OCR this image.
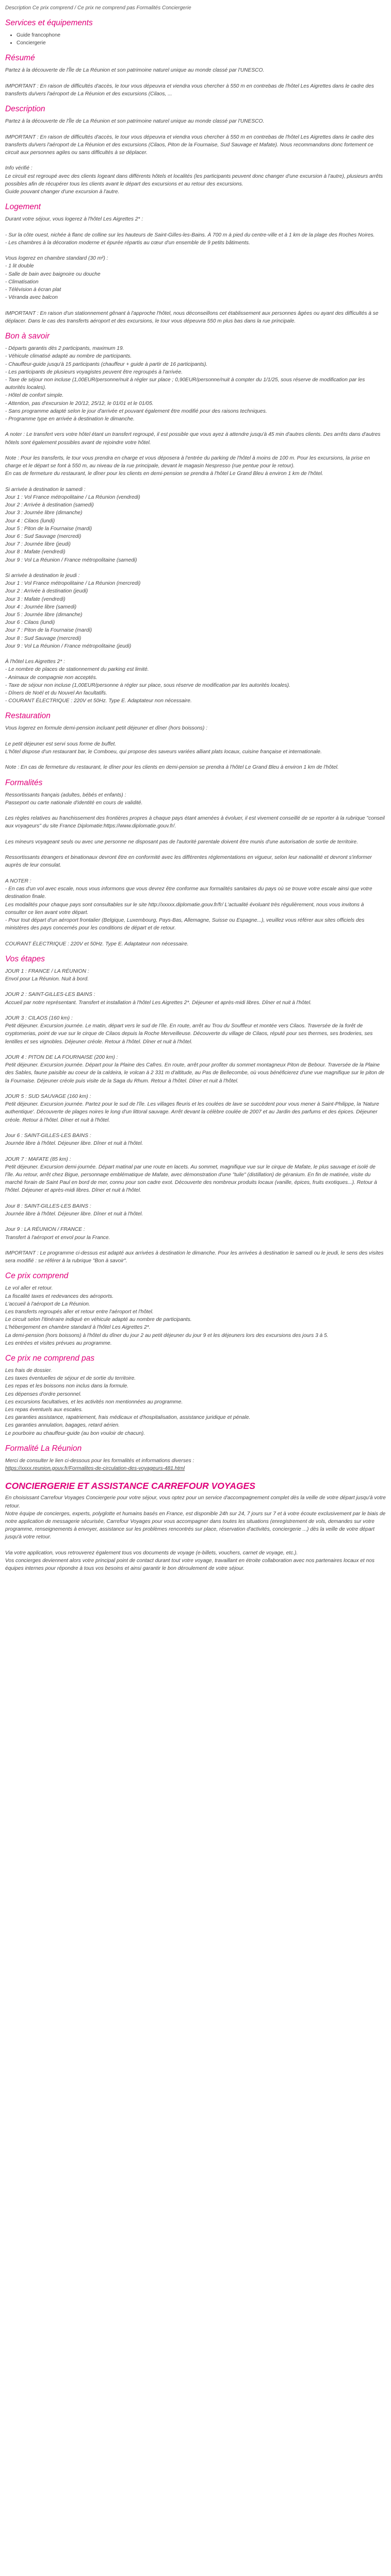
Description Ce prix comprend / Ce prix ne comprend pas Formalités Conciergerie

Services et équipements
• Guide francophone
• Conciergerie
Résumé

Partez à la découverte de l'Île de La Réunion et son patrimoine naturel unique au monde classé par l'UNESCO.

IMPORTANT : En raison de difficultés d'accès, le tour vous dépeuvra et viendra vous chercher à 550 m en contrebas de l'hôtel Les Aigrettes dans le cadre des transferts du/vers l'aéroport de La Réunion et des excursions (Cilaos, ...

Description

Partez à la découverte de l'Île de La Réunion et son patrimoine naturel unique au monde classé par l'UNESCO.

IMPORTANT : En raison de difficultés d'accès, le tour vous dépeuvra et viendra vous chercher à 550 m en contrebas de l'hôtel Les Aigrettes dans le cadre des transferts du/vers l'aéroport de La Réunion et des excursions (Cilaos, Piton de la Fournaise, Sud Sauvage et Mafate). Nous recommandons donc fortement ce circuit aux personnes agiles ou sans difficultés à se déplacer.

Info vérifié :
Le circuit est regroupé avec des clients logeant dans différents hôtels et localités (les participants peuvent donc changer d'une excursion à l'autre), plusieurs arrêts possibles afin de récupérer tous les clients avant le départ des excursions et au retour des excursions.
Guide pouvant changer d'une excursion à l'autre.

Logement

Durant votre séjour, vous logerez à l'hôtel Les Aigrettes 2* :

- Sur la côte ouest, nichée à flanc de colline sur les hauteurs de Saint-Gilles-les-Bains. À 700 m à pied du centre-ville et à 1 km de la plage des Roches Noires.
- Les chambres à la décoration moderne et épurée répartis au cœur d'un ensemble de 9 petits bâtiments.

Vous logerez en chambre standard (30 m²) :
- 1 lit double
- Salle de bain avec baignoire ou douche
- Climatisation
- Télévision à écran plat
- Véranda avec balcon

IMPORTANT : En raison d'un stationnement gênant à l'approche l'hôtel, nous déconseillons cet établissement aux personnes âgées ou ayant des difficultés à se déplacer. Dans le cas des transferts aéroport et des excursions, le tour vous dépeuvra 550 m plus bas dans la rue principale.

Bon à savoir

- Départs garantis dès 2 participants, maximum 19.
- Véhicule climatisé adapté au nombre de participants.
- Chauffeur-guide jusqu'à 15 participants (chauffeur + guide à partir de 16 participants).
- Les participants de plusieurs voyagistes peuvent être regroupés à l'arrivée.
- Taxe de séjour non incluse (1,00EUR/personne/nuit à régler sur place ; 0,90EUR/personne/nuit à compter du 1/1/25, sous réserve de modification par les autorités locales).
- Hôtel de confort simple.
- Attention, pas d'excursion le 20/12, 25/12, le 01/01 et le 01/05.
- Sans programme adapté selon le jour d'arrivée et pouvant également être modifié pour des raisons techniques.
- Programme type en arrivée à destination le dimanche.

A noter : Le transfert vers votre hôtel étant un transfert regroupé, il est possible que vous ayez à attendre jusqu'à 45 min d'autres clients. Des arrêts dans d'autres hôtels sont également possibles avant de rejoindre votre hôtel.

Note : Pour les transferts, le tour vous prendra en charge et vous déposera à l'entrée du parking de l'hôtel à moins de 100 m. Pour les excursions, la prise en charge et le départ se font à 550 m, au niveau de la rue principale, devant le magasin Nespresso (rue pentue pour le retour).
En cas de fermeture du restaurant, le dîner pour les clients en demi-pension se prendra à l'hôtel Le Grand Bleu à environ 1 km de l'hôtel.

Si arrivée à destination le samedi :
Jour 1 : Vol France métropolitaine / La Réunion (vendredi)
Jour 2 : Arrivée à destination (samedi)
Jour 3 : Journée libre (dimanche)
Jour 4 : Cilaos (lundi)
Jour 5 : Piton de la Fournaise (mardi)
Jour 6 : Sud Sauvage (mercredi)
Jour 7 : Journée libre (jeudi)
Jour 8 : Mafate (vendredi)
Jour 9 : Vol La Réunion / France métropolitaine (samedi)

Si arrivée à destination le jeudi :
Jour 1 : Vol France métropolitaine / La Réunion (mercredi)
Jour 2 : Arrivée à destination (jeudi)
Jour 3 : Mafate (vendredi)
Jour 4 : Journée libre (samedi)
Jour 5 : Journée libre (dimanche)
Jour 6 : Cilaos (lundi)
Jour 7 : Piton de la Fournaise (mardi)
Jour 8 : Sud Sauvage (mercredi)
Jour 9 : Vol La Réunion / France métropolitaine (jeudi)

À l'hôtel Les Aigrettes 2* :
- Le nombre de places de stationnement du parking est limité.
- Animaux de compagnie non acceptés.
- Taxe de séjour non incluse (1,00EUR/personne à régler sur place, sous réserve de modification par les autorités locales).
- Dîners de Noël et du Nouvel An facultatifs.
- COURANT ÉLECTRIQUE : 220V et 50Hz. Type E. Adaptateur non nécessaire.

Restauration

Vous logerez en formule demi-pension incluant petit déjeuner et dîner (hors boissons) :

Le petit déjeuner est servi sous forme de buffet.
L'hôtel dispose d'un restaurant bar, le Comboeu, qui propose des saveurs variées alliant plats locaux, cuisine française et internationale.

Note : En cas de fermeture du restaurant, le dîner pour les clients en demi-pension se prendra à l'hôtel Le Grand Bleu à environ 1 km de l'hôtel.

Formalités

Ressortissants français (adultes, bébés et enfants) :
Passeport ou carte nationale d'identité en cours de validité.

Les règles relatives au franchissement des frontières propres à chaque pays étant amenées à évoluer, il est vivement conseillé de se reporter à la rubrique "conseil aux voyageurs" du site France Diplomatie:https://www.diplomatie.gouv.fr/.

Les mineurs voyageant seuls ou avec une personne ne disposant pas de l'autorité parentale doivent être munis d'une autorisation de sortie de territoire.

Ressortissants étrangers et binationaux devront être en conformité avec les différentes réglementations en vigueur, selon leur nationalité et devront s'informer auprès de leur consulat.

A NOTER :
- En cas d'un vol avec escale, nous vous informons que vous devrez être conforme aux formalités sanitaires du pays où se trouve votre escale ainsi que votre destination finale.
Les modalités pour chaque pays sont consultables sur le site http://xxxxx.diplomatie.gouv.fr/fr/ L'actualité évoluant très régulièrement, nous vous invitons à consulter ce lien avant votre départ.
- Pour tout départ d'un aéroport frontalier (Belgique, Luxembourg, Pays-Bas, Allemagne, Suisse ou Espagne...), veuillez vous référer aux sites officiels des ministères des pays concernés pour les conditions de départ et de retour.

COURANT ÉLECTRIQUE : 220V et 50Hz. Type E. Adaptateur non nécessaire.

Vos étapes

JOUR 1 : FRANCE / LA RÉUNION :
Envol pour La Réunion. Nuit à bord.

JOUR 2 : SAINT-GILLES-LES BAINS :
Accueil par notre représentant. Transfert et installation à l'hôtel Les Aigrettes 2*. Déjeuner et après-midi libres. Dîner et nuit à l'hôtel.

JOUR 3 : CILAOS (160 km) :
Petit déjeuner. Excursion journée. Le matin, départ vers le sud de l'île. En route, arrêt au Trou du Souffleur et montée vers Cilaos. Traversée de la forêt de cryptomerias, point de vue sur le cirque de Cilaos depuis la Roche Merveilleuse. Découverte du village de Cilaos, réputé pour ses thermes, ses broderies, ses lentilles et ses vignobles. Déjeuner créole. Retour à l'hôtel. Dîner et nuit à l'hôtel.

JOUR 4 : PITON DE LA FOURNAISE (200 km) :
Petit déjeuner. Excursion journée. Départ pour la Plaine des Cafres. En route, arrêt pour profiter du sommet montagneux Piton de Bebour. Traversée de la Plaine des Sables, faune paisible au coeur de la caldeira, le volcan à 2 331 m d'altitude, au Pas de Bellecombe, où vous bénéficierez d'une vue magnifique sur le piton de la Fournaise. Déjeuner créole puis visite de la Saga du Rhum. Retour à l'hôtel. Dîner et nuit à l'hôtel.

JOUR 5 : SUD SAUVAGE (160 km) :
Petit déjeuner. Excursion journée. Partez pour le sud de l'île. Les villages fleuris et les coulées de lave se succèdent pour vous mener à Saint-Philippe, la 'Nature authentique'. Découverte de plages noires le long d'un littoral sauvage. Arrêt devant la célèbre coulée de 2007 et au Jardin des parfums et des épices. Déjeuner créole. Retour à l'hôtel. Dîner et nuit à l'hôtel.

Jour 6 : SAINT-GILLES-LES BAINS :
Journée libre à l'hôtel. Déjeuner libre. Dîner et nuit à l'hôtel.

JOUR 7 : MAFATE (85 km) :
Petit déjeuner. Excursion demi-journée. Départ matinal par une route en lacets. Au sommet, magnifique vue sur le cirque de Mafate, le plus sauvage et isolé de l'île. Au retour, arrêt chez Bigue, personnage emblématique de Mafate, avec démonstration d'une "tuile" (distillation) de géranium. En fin de matinée, visite du marché forain de Saint Paul en bord de mer, connu pour son cadre exot. Découverte des nombreux produits locaux (vanille, épices, fruits exotiques...). Retour à l'hôtel. Déjeuner et après-midi libres. Dîner et nuit à l'hôtel.

Jour 8 : SAINT-GILLES-LES BAINS :
Journée libre à l'hôtel. Déjeuner libre. Dîner et nuit à l'hôtel.

Jour 9 : LA RÉUNION / FRANCE :
Transfert à l'aéroport et envol pour la France.

IMPORTANT : Le programme ci-dessus est adapté aux arrivées à destination le dimanche. Pour les arrivées à destination le samedi ou le jeudi, le sens des visites sera modifié : se référer à la rubrique "Bon à savoir".

Ce prix comprend

Le vol aller et retour.
La fiscalité taxes et redevances des aéroports.
L'accueil à l'aéroport de La Réunion.
Les transferts regroupés aller et retour entre l'aéroport et l'hôtel.
Le circuit selon l'itinéraire indiqué en véhicule adapté au nombre de participants.
L'hébergement en chambre standard à l'hôtel Les Aigrettes 2*.
La demi-pension (hors boissons) à l'hôtel du dîner du jour 2 au petit déjeuner du jour 9 et les déjeuners lors des excursions des jours 3 à 5.
Les entrées et visites prévues au programme.

Ce prix ne comprend pas

Les frais de dossier.
Les taxes éventuelles de séjour et de sortie du territoire.
Les repas et les boissons non inclus dans la formule.
Les dépenses d'ordre personnel.
Les excursions facultatives, et les activités non mentionnées au programme.
Les repas éventuels aux escales.
Les garanties assistance, rapatriement, frais médicaux et d'hospitalisation, assistance juridique et pénale.
Les garanties annulation, bagages, retard aérien.
Le pourboire au chauffeur-guide (au bon vouloir de chacun).

Formalité La Réunion

Merci de consulter le lien ci-dessous pour les formalités et informations diverses :
https://xxxx.reunion.gouv.fr/Formalites-de-circulation-des-voyageurs-481.html

CONCIERGERIE ET ASSISTANCE CARREFOUR VOYAGES

En choisissant Carrefour Voyages Conciergerie pour votre séjour, vous optez pour un service d'accompagnement complet dès la veille de votre départ jusqu'à votre retour.
Notre équipe de concierges, experts, polyglotte et humains basés en France, est disponible 24h sur 24, 7 jours sur 7 et à votre écoute exclusivement par le biais de notre application de messagerie sécurisée, Carrefour Voyages pour vous accompagner dans toutes les situations (enregistrement de vols, demandes sur votre programme, renseignements à envoyer, assistance sur les problèmes rencontrés sur place, réservation d'activités, conciergerie ...) dès la veille de votre départ jusqu'à votre retour.

Via votre application, vous retrouverez également tous vos documents de voyage (e-billets, vouchers, carnet de voyage, etc.).
Vos concierges deviennent alors votre principal point de contact durant tout votre voyage, travaillant en étroite collaboration avec nos partenaires locaux et nos équipes internes pour répondre à tous vos besoins et ainsi garantir le bon déroulement de votre séjour.
